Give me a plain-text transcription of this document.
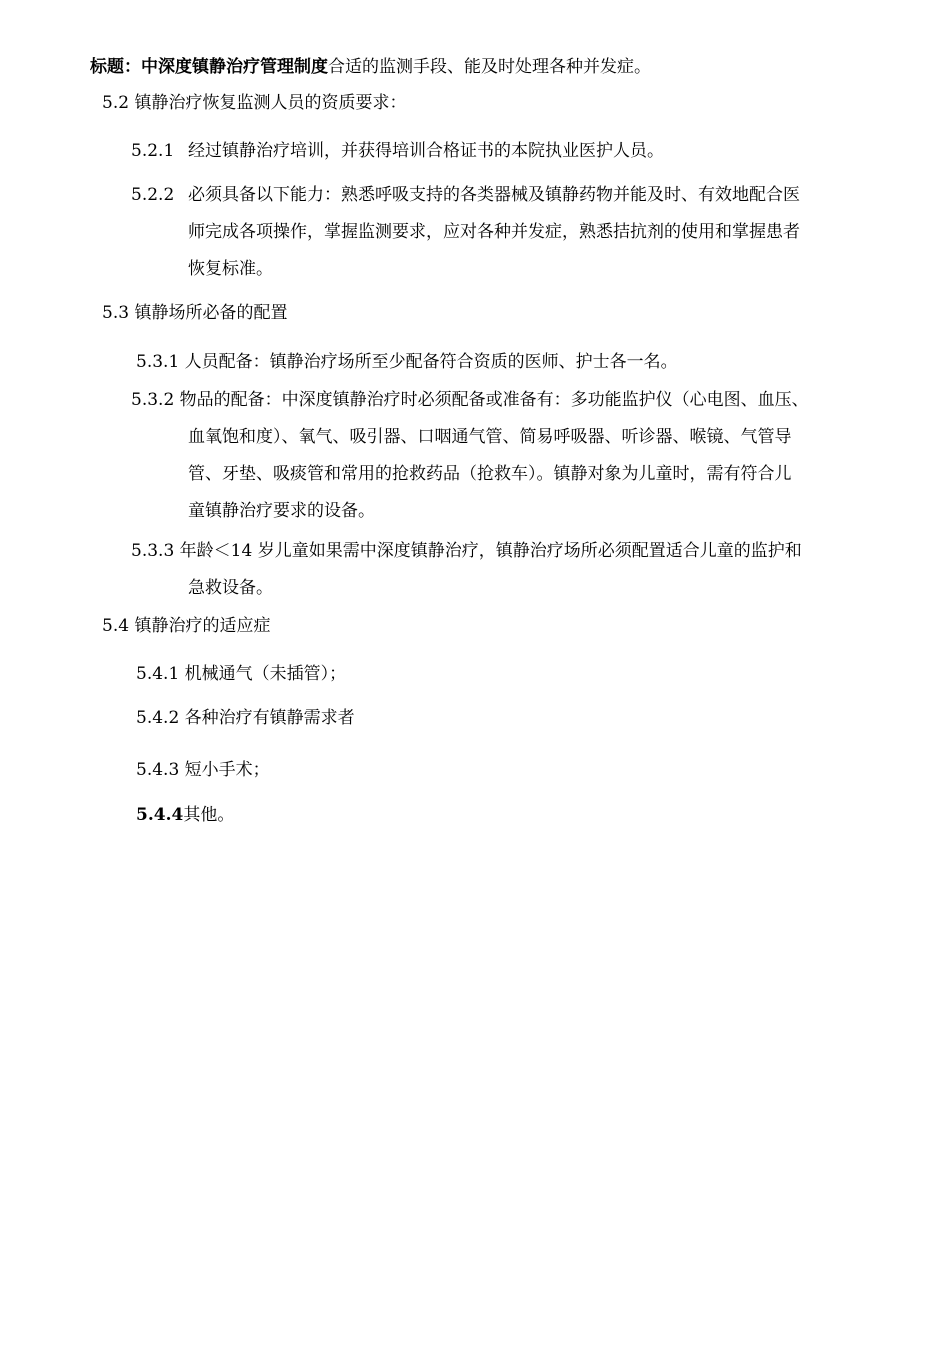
标题：中深度镇静治疗管理制度合适的监测手段、能及时处理各种并发症。
5.2 镇静治疗恢复监测人员的资质要求：
5.2.1 经过镇静治疗培训，并获得培训合格证书的本院执业医护人员。
5.2.2 必须具备以下能力：熟悉呼吸支持的各类器械及镇静药物并能及时、有效地配合医
师完成各项操作，掌握监测要求，应对各种并发症，熟悉拮抗剂的使用和掌握患者
恢复标准。
5.3 镇静场所必备的配置
5.3.1 人员配备：镇静治疗场所至少配备符合资质的医师、护士各一名。
5.3.2 物品的配备：中深度镇静治疗时必须配备或准备有：多功能监护仪（心电图、血压、
血氧饱和度）、氧气、吸引器、口咽通气管、简易呼吸器、听诊器、喉镜、气管导
管、牙垫、吸痰管和常用的抢救药品（抢救车）。镇静对象为儿童时，需有符合儿
童镇静治疗要求的设备。
5.3.3 年龄＜14 岁儿童如果需中深度镇静治疗，镇静治疗场所必须配置适合儿童的监护和
急救设备。
5.4 镇静治疗的适应症
5.4.1 机械通气（未插管）；
5.4.2 各种治疗有镇静需求者
5.4.3 短小手术；
5.4.4其他。
